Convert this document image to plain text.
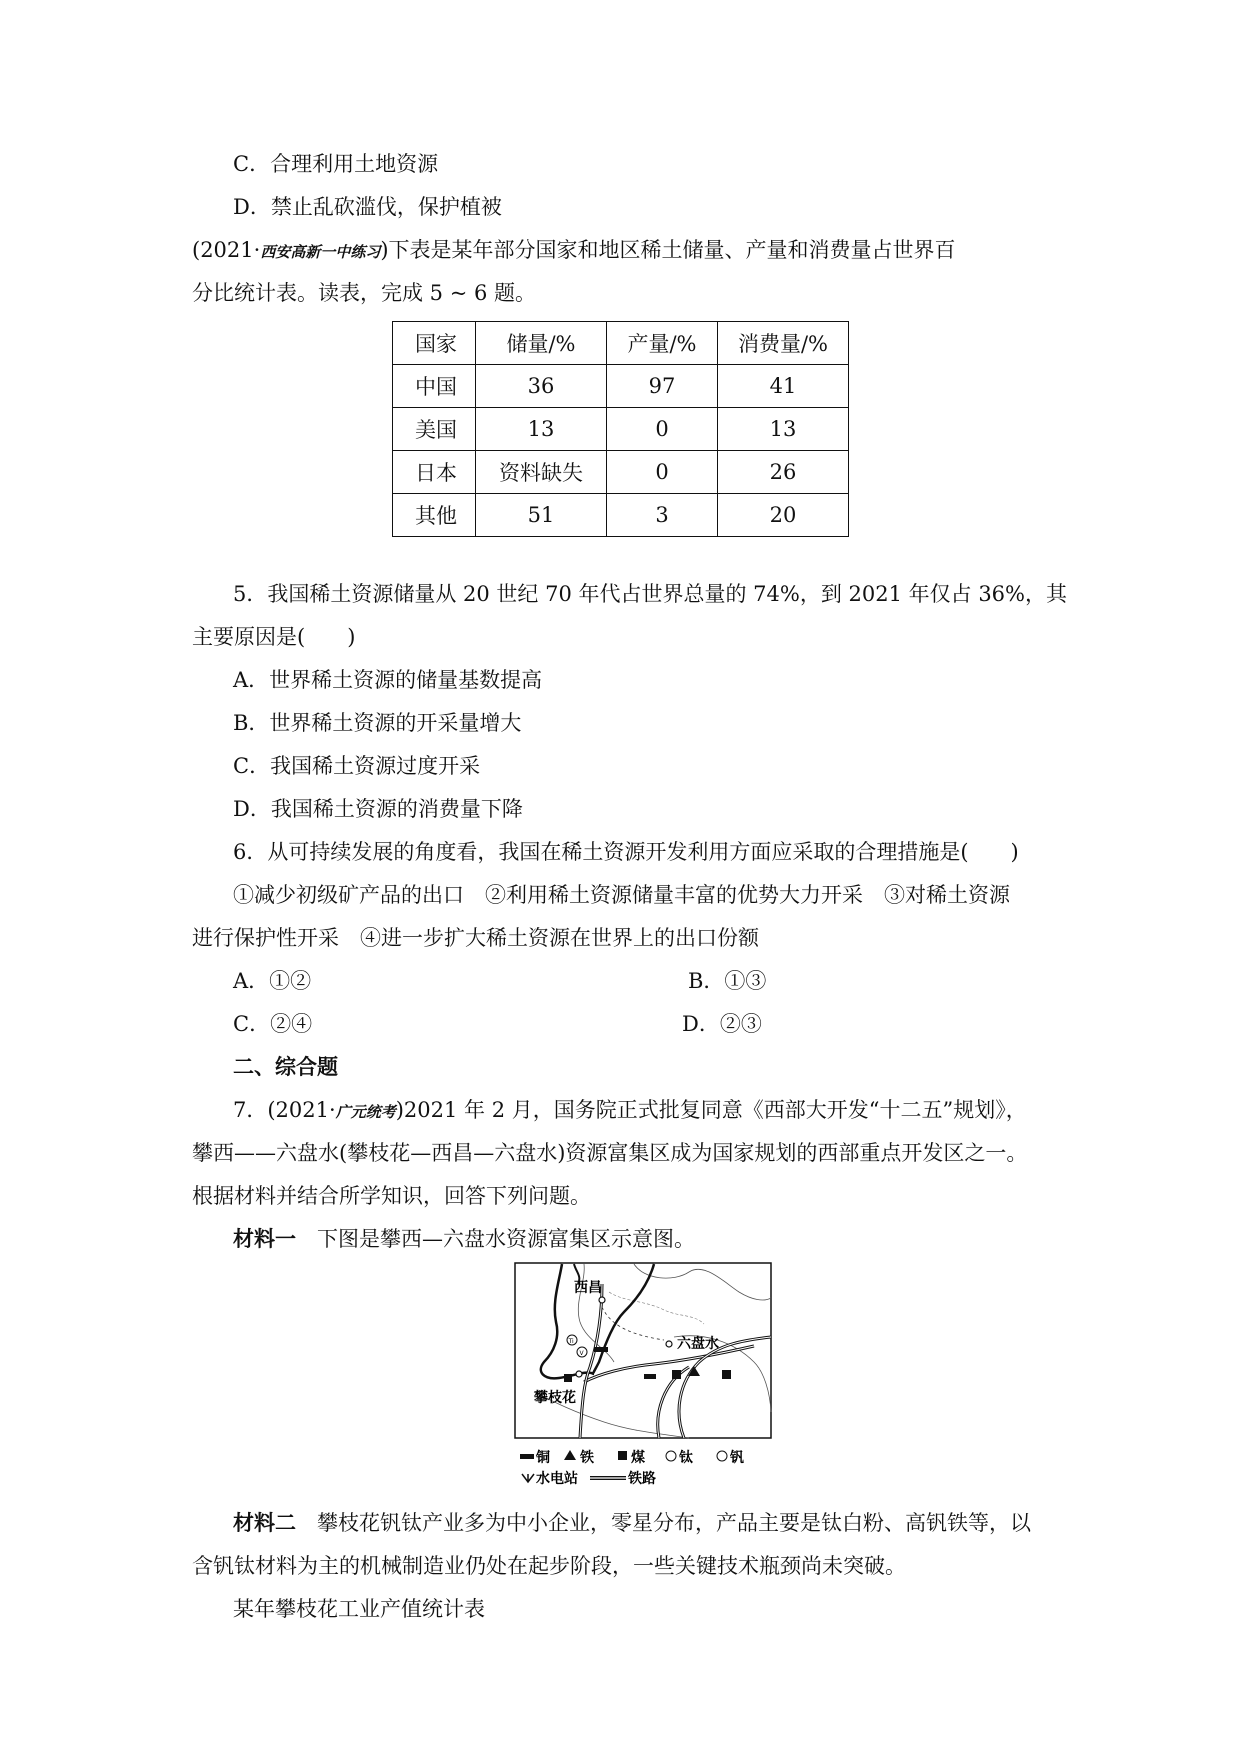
C．合理利用土地资源
D．禁止乱砍滥伐，保护植被
(2021·西安高新一中练习)下表是某年部分国家和地区稀土储量、产量和消费量占世界百
分比统计表。读表，完成 5 ~ 6 题。
国家	储量/%	产量/%	消费量/%
中国	36	97	41
美国	13	0	13
日本	资料缺失	0	26
其他	51	3	20
5．我国稀土资源储量从 20 世纪 70 年代占世界总量的 74%，到 2021 年仅占 36%，其
主要原因是(　　)
A．世界稀土资源的储量基数提高
B．世界稀土资源的开采量增大
C．我国稀土资源过度开采
D．我国稀土资源的消费量下降
6．从可持续发展的角度看，我国在稀土资源开发利用方面应采取的合理措施是(　　)
①减少初级矿产品的出口　②利用稀土资源储量丰富的优势大力开采　③对稀土资源
进行保护性开采　④进一步扩大稀土资源在世界上的出口份额
A．①②	B．①③
C．②④	D．②③
二、综合题
7．(2021·广元统考)2021 年 2 月，国务院正式批复同意《西部大开发“十二五”规划》，
攀西——六盘水(攀枝花—西昌—六盘水)资源富集区成为国家规划的西部重点开发区之一。
根据材料并结合所学知识，回答下列问题。
材料一　 下图是攀西—六盘水资源富集区示意图。
西昌
六盘水
攀枝花
Ti
V
铜 铁	煤 钛	钒
水电站	铁路
材料二　 攀枝花钒钛产业多为中小企业，零星分布，产品主要是钛白粉、高钒铁等，以
含钒钛材料为主的机械制造业仍处在起步阶段，一些关键技术瓶颈尚未突破。
某年攀枝花工业产值统计表
